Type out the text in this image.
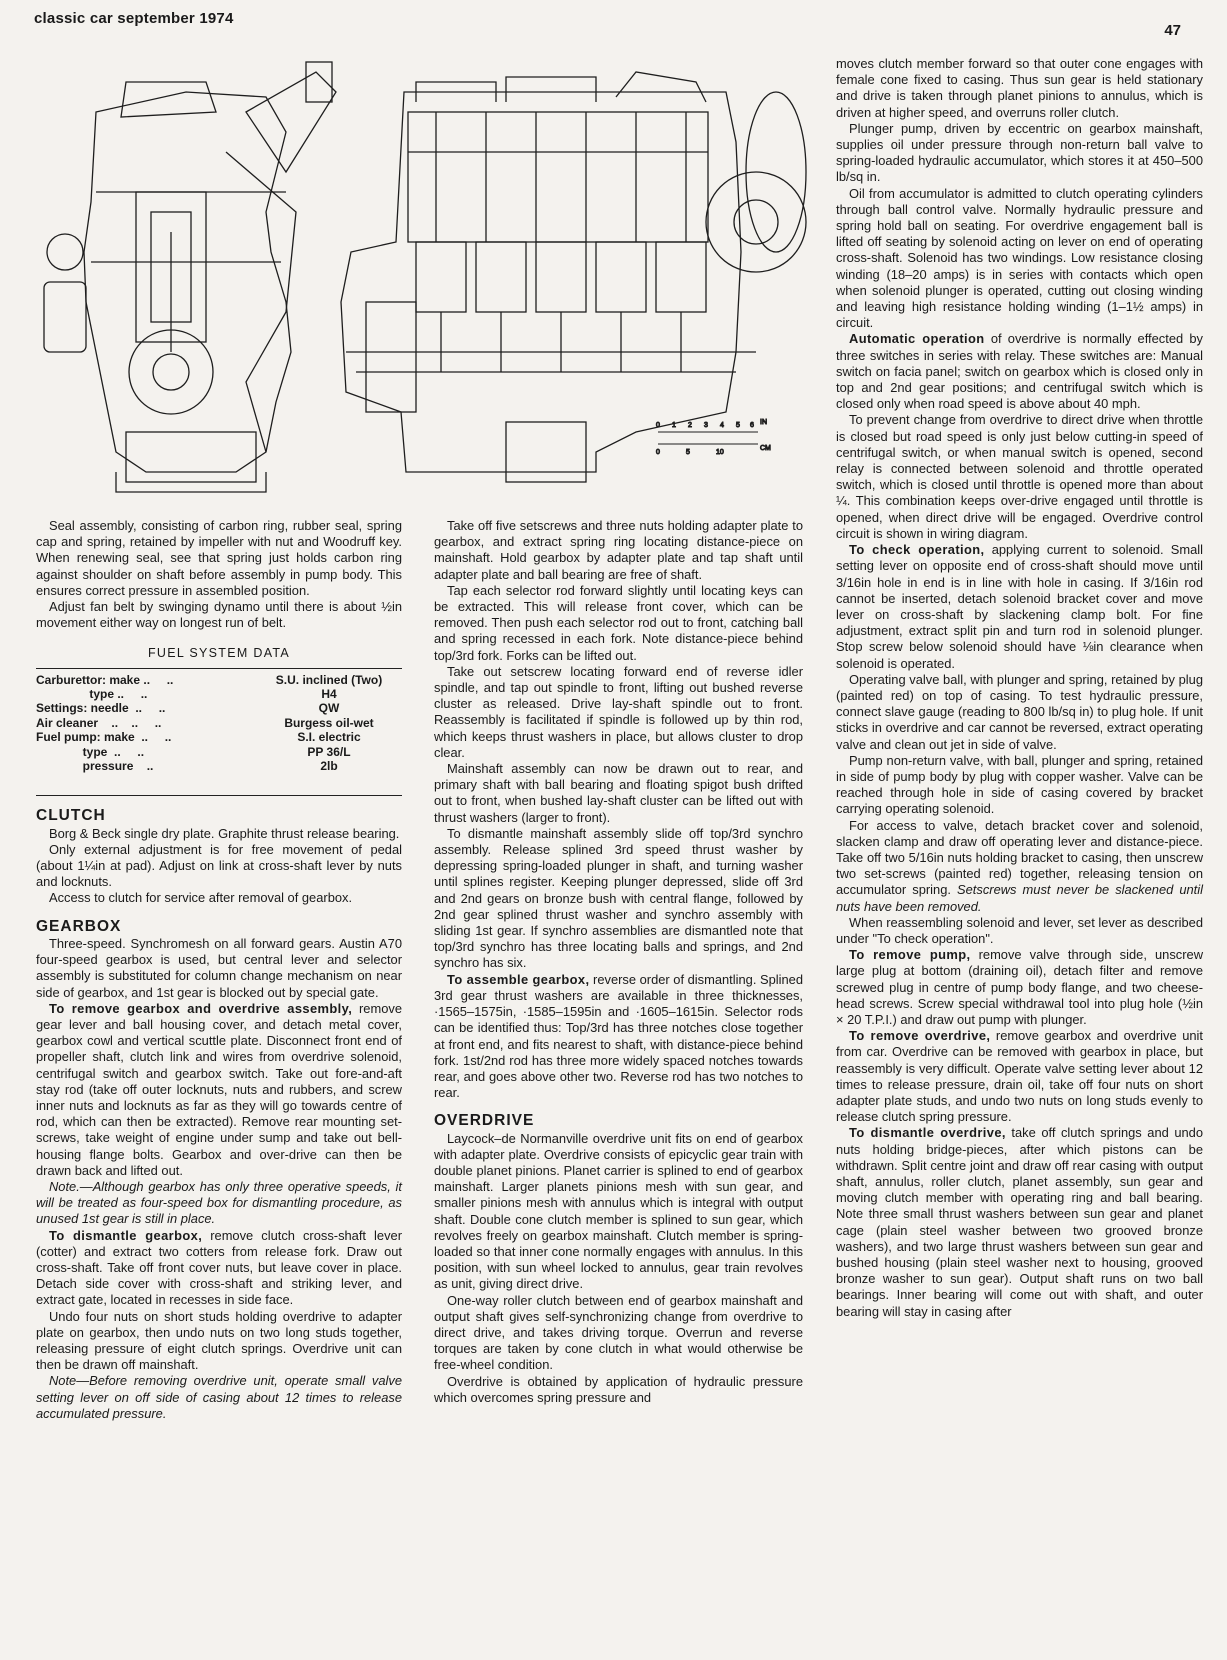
classic car september 1974
47
0 1 2 3 4 5 6 IN
0	5	10
CM

Seal assembly, consisting of carbon ring, rubber seal, spring cap and spring, retained by impeller with nut and Woodruff key. When renewing seal, see that spring just holds carbon ring against shoulder on shaft before assembly in pump body. This ensures correct pressure in assembled position.

Adjust fan belt by swinging dynamo until there is about ½in movement either way on longest run of belt.

FUEL SYSTEM DATA
Carburettor: make ..     ..	S.U. inclined (Two)
type ..     ..	H4
Settings: needle  ..     ..	QW
Air cleaner    ..    ..     ..	Burgess oil-wet
Fuel pump: make  ..     ..	S.I. electric
type  ..     ..	PP 36/L
pressure    ..	2lb
CLUTCH

Borg & Beck single dry plate. Graphite thrust release bearing.

Only external adjustment is for free movement of pedal (about 1¼in at pad). Adjust on link at cross-shaft lever by nuts and locknuts.

Access to clutch for service after removal of gearbox.

GEARBOX

Three-speed. Synchromesh on all forward gears. Austin A70 four-speed gearbox is used, but central lever and selector assembly is substituted for column change mechanism on near side of gearbox, and 1st gear is blocked out by special gate.

To remove gearbox and overdrive assembly, remove gear lever and ball housing cover, and detach metal cover, gearbox cowl and vertical scuttle plate. Disconnect front end of propeller shaft, clutch link and wires from overdrive solenoid, centrifugal switch and gearbox switch. Take out fore-and-aft stay rod (take off outer locknuts, nuts and rubbers, and screw inner nuts and locknuts as far as they will go towards centre of rod, which can then be extracted). Remove rear mounting set-screws, take weight of engine under sump and take out bell-housing flange bolts. Gearbox and over-drive can then be drawn back and lifted out.

Note.—Although gearbox has only three operative speeds, it will be treated as four-speed box for dismantling procedure, as unused 1st gear is still in place.

To dismantle gearbox, remove clutch cross-shaft lever (cotter) and extract two cotters from release fork. Draw out cross-shaft. Take off front cover nuts, but leave cover in place. Detach side cover with cross-shaft and striking lever, and extract gate, located in recesses in side face.

Undo four nuts on short studs holding overdrive to adapter plate on gearbox, then undo nuts on two long studs together, releasing pressure of eight clutch springs. Overdrive unit can then be drawn off mainshaft.

Note—Before removing overdrive unit, operate small valve setting lever on off side of casing about 12 times to release accumulated pressure.

Take off five setscrews and three nuts holding adapter plate to gearbox, and extract spring ring locating distance-piece on mainshaft. Hold gearbox by adapter plate and tap shaft until adapter plate and ball bearing are free of shaft.

Tap each selector rod forward slightly until locating keys can be extracted. This will release front cover, which can be removed. Then push each selector rod out to front, catching ball and spring recessed in each fork. Note distance-piece behind top/3rd fork. Forks can be lifted out.

Take out setscrew locating forward end of reverse idler spindle, and tap out spindle to front, lifting out bushed reverse cluster as released. Drive lay-shaft spindle out to front. Reassembly is facilitated if spindle is followed up by thin rod, which keeps thrust washers in place, but allows cluster to drop clear.

Mainshaft assembly can now be drawn out to rear, and primary shaft with ball bearing and floating spigot bush drifted out to front, when bushed lay-shaft cluster can be lifted out with thrust washers (larger to front).

To dismantle mainshaft assembly slide off top/3rd synchro assembly. Release splined 3rd speed thrust washer by depressing spring-loaded plunger in shaft, and turning washer until splines register. Keeping plunger depressed, slide off 3rd and 2nd gears on bronze bush with central flange, followed by 2nd gear splined thrust washer and synchro assembly with sliding 1st gear. If synchro assemblies are dismantled note that top/3rd synchro has three locating balls and springs, and 2nd synchro has six.

To assemble gearbox, reverse order of dismantling. Splined 3rd gear thrust washers are available in three thicknesses, ·1565–1575in, ·1585–1595in and ·1605–1615in. Selector rods can be identified thus: Top/3rd has three notches close together at front end, and fits nearest to shaft, with distance-piece behind fork. 1st/2nd rod has three more widely spaced notches towards rear, and goes above other two. Reverse rod has two notches to rear.

OVERDRIVE

Laycock–de Normanville overdrive unit fits on end of gearbox with adapter plate. Overdrive consists of epicyclic gear train with double planet pinions. Planet carrier is splined to end of gearbox mainshaft. Larger planets pinions mesh with sun gear, and smaller pinions mesh with annulus which is integral with output shaft. Double cone clutch member is splined to sun gear, which revolves freely on gearbox mainshaft. Clutch member is spring-loaded so that inner cone normally engages with annulus. In this position, with sun wheel locked to annulus, gear train revolves as unit, giving direct drive.

One-way roller clutch between end of gearbox mainshaft and output shaft gives self-synchronizing change from overdrive to direct drive, and takes driving torque. Overrun and reverse torques are taken by cone clutch in what would otherwise be free-wheel condition.

Overdrive is obtained by application of hydraulic pressure which overcomes spring pressure and

moves clutch member forward so that outer cone engages with female cone fixed to casing. Thus sun gear is held stationary and drive is taken through planet pinions to annulus, which is driven at higher speed, and overruns roller clutch.

Plunger pump, driven by eccentric on gearbox mainshaft, supplies oil under pressure through non-return ball valve to spring-loaded hydraulic accumulator, which stores it at 450–500 lb/sq in.

Oil from accumulator is admitted to clutch operating cylinders through ball control valve. Normally hydraulic pressure and spring hold ball on seating. For overdrive engagement ball is lifted off seating by solenoid acting on lever on end of operating cross-shaft. Solenoid has two windings. Low resistance closing winding (18–20 amps) is in series with contacts which open when solenoid plunger is operated, cutting out closing winding and leaving high resistance holding winding (1–1½ amps) in circuit.

Automatic operation of overdrive is normally effected by three switches in series with relay. These switches are: Manual switch on facia panel; switch on gearbox which is closed only in top and 2nd gear positions; and centrifugal switch which is closed only when road speed is above about 40 mph.

To prevent change from overdrive to direct drive when throttle is closed but road speed is only just below cutting-in speed of centrifugal switch, or when manual switch is opened, second relay is connected between solenoid and throttle operated switch, which is closed until throttle is opened more than about ¼. This combination keeps over-drive engaged until throttle is opened, when direct drive will be engaged. Overdrive control circuit is shown in wiring diagram.

To check operation, applying current to solenoid. Small setting lever on opposite end of cross-shaft should move until 3/16in hole in end is in line with hole in casing. If 3/16in rod cannot be inserted, detach solenoid bracket cover and move lever on cross-shaft by slackening clamp bolt. For fine adjustment, extract split pin and turn rod in solenoid plunger. Stop screw below solenoid should have ⅛in clearance when solenoid is operated.

Operating valve ball, with plunger and spring, retained by plug (painted red) on top of casing. To test hydraulic pressure, connect slave gauge (reading to 800 lb/sq in) to plug hole. If unit sticks in overdrive and car cannot be reversed, extract operating valve and clean out jet in side of valve.

Pump non-return valve, with ball, plunger and spring, retained in side of pump body by plug with copper washer. Valve can be reached through hole in side of casing covered by bracket carrying operating solenoid.

For access to valve, detach bracket cover and solenoid, slacken clamp and draw off operating lever and distance-piece. Take off two 5/16in nuts holding bracket to casing, then unscrew two set-screws (painted red) together, releasing tension on accumulator spring. Setscrews must never be slackened until nuts have been removed.

When reassembling solenoid and lever, set lever as described under "To check operation".

To remove pump, remove valve through side, unscrew large plug at bottom (draining oil), detach filter and remove screwed plug in centre of pump body flange, and two cheese-head screws. Screw special withdrawal tool into plug hole (½in × 20 T.P.I.) and draw out pump with plunger.

To remove overdrive, remove gearbox and overdrive unit from car. Overdrive can be removed with gearbox in place, but reassembly is very difficult. Operate valve setting lever about 12 times to release pressure, drain oil, take off four nuts on short adapter plate studs, and undo two nuts on long studs evenly to release clutch spring pressure.

To dismantle overdrive, take off clutch springs and undo nuts holding bridge-pieces, after which pistons can be withdrawn. Split centre joint and draw off rear casing with output shaft, annulus, roller clutch, planet assembly, sun gear and moving clutch member with operating ring and ball bearing. Note three small thrust washers between sun gear and planet cage (plain steel washer between two grooved bronze washers), and two large thrust washers between sun gear and bushed housing (plain steel washer next to housing, grooved bronze washer to sun gear). Output shaft runs on two ball bearings. Inner bearing will come out with shaft, and outer bearing will stay in casing after
